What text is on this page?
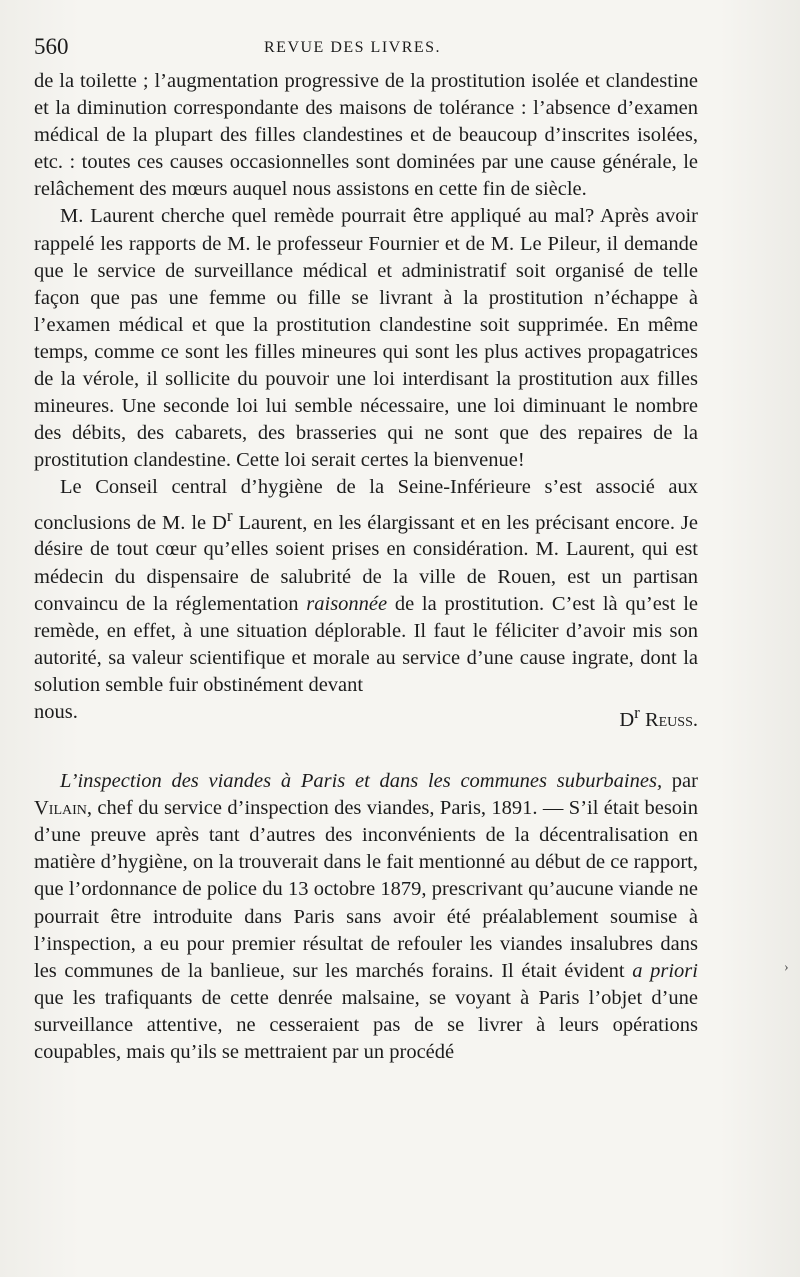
560	REVUE DES LIVRES.

de la toilette ; l’augmentation progressive de la prostitution isolée et clandestine et la diminution correspondante des maisons de tolérance : l’absence d’examen médical de la plupart des filles clandestines et de beaucoup d’inscrites isolées, etc. : toutes ces causes occasionnelles sont dominées par une cause générale, le relâchement des mœurs auquel nous assistons en cette fin de siècle.

M. Laurent cherche quel remède pourrait être appliqué au mal? Après avoir rappelé les rapports de M. le professeur Fournier et de M. Le Pileur, il demande que le service de surveillance médical et administratif soit organisé de telle façon que pas une femme ou fille se livrant à la prostitution n’échappe à l’examen médical et que la prostitution clandestine soit supprimée. En même temps, comme ce sont les filles mineures qui sont les plus actives propagatrices de la vérole, il sollicite du pouvoir une loi interdisant la prostitution aux filles mineures. Une seconde loi lui semble nécessaire, une loi diminuant le nombre des débits, des cabarets, des brasseries qui ne sont que des repaires de la prostitution clandestine. Cette loi serait certes la bienvenue!

Le Conseil central d’hygiène de la Seine-Inférieure s’est associé aux conclusions de M. le $D^r$ Laurent, en les élargissant et en les précisant encore. Je désire de tout cœur qu’elles soient prises en considération. M. Laurent, qui est médecin du dispensaire de salubrité de la ville de Rouen, est un partisan convaincu de la réglementation raisonnée de la prostitution. C’est là qu’est le remède, en effet, à une situation déplorable. Il faut le féliciter d’avoir mis son autorité, sa valeur scientifique et morale au service d’une cause ingrate, dont la solution semble fuir obstinément devant

nous.	$D^r$ Reuss.

L’inspection des viandes à Paris et dans les communes suburbaines, par Vilain, chef du service d’inspection des viandes, Paris, 1891. — S’il était besoin d’une preuve après tant d’autres des inconvénients de la décentralisation en matière d’hygiène, on la trouverait dans le fait mentionné au début de ce rapport, que l’ordonnance de police du 13 octobre 1879, prescrivant qu’aucune viande ne pourrait être introduite dans Paris sans avoir été préalablement soumise à l’inspection, a eu pour premier résultat de refouler les viandes insalubres dans les communes de la banlieue, sur les marchés forains. Il était évident a priori que les trafiquants de cette denrée malsaine, se voyant à Paris l’objet d’une surveillance attentive, ne cesseraient pas de se livrer à leurs opérations coupables, mais qu’ils se mettraient par un procédé

›
